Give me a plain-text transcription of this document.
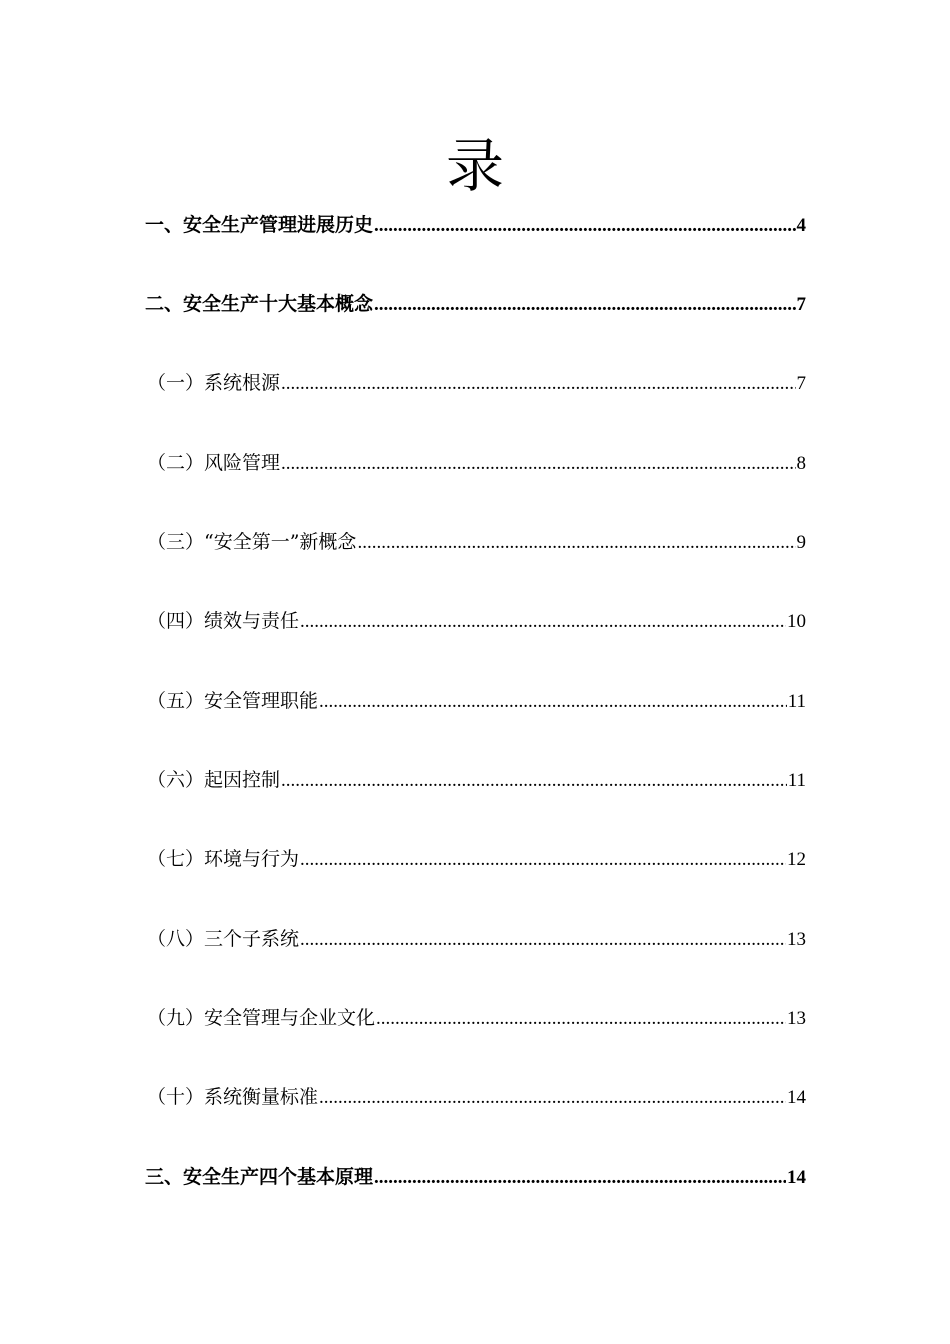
录
一、安全生产管理进展历史 .....	4
二、安全生产十大基本概念 .....	7
（一）系统根源 .....	7
（二）风险管理 .....	8
（三）“安全第一”新概念 .....	9
（四）绩效与责任 .....	10
（五）安全管理职能 .....	11
（六）起因控制 .....	11
（七）环境与行为 .....	12
（八）三个子系统 .....	13
（九）安全管理与企业文化 .....	13
（十）系统衡量标准 .....	14
三、安全生产四个基本原理 .....	14
